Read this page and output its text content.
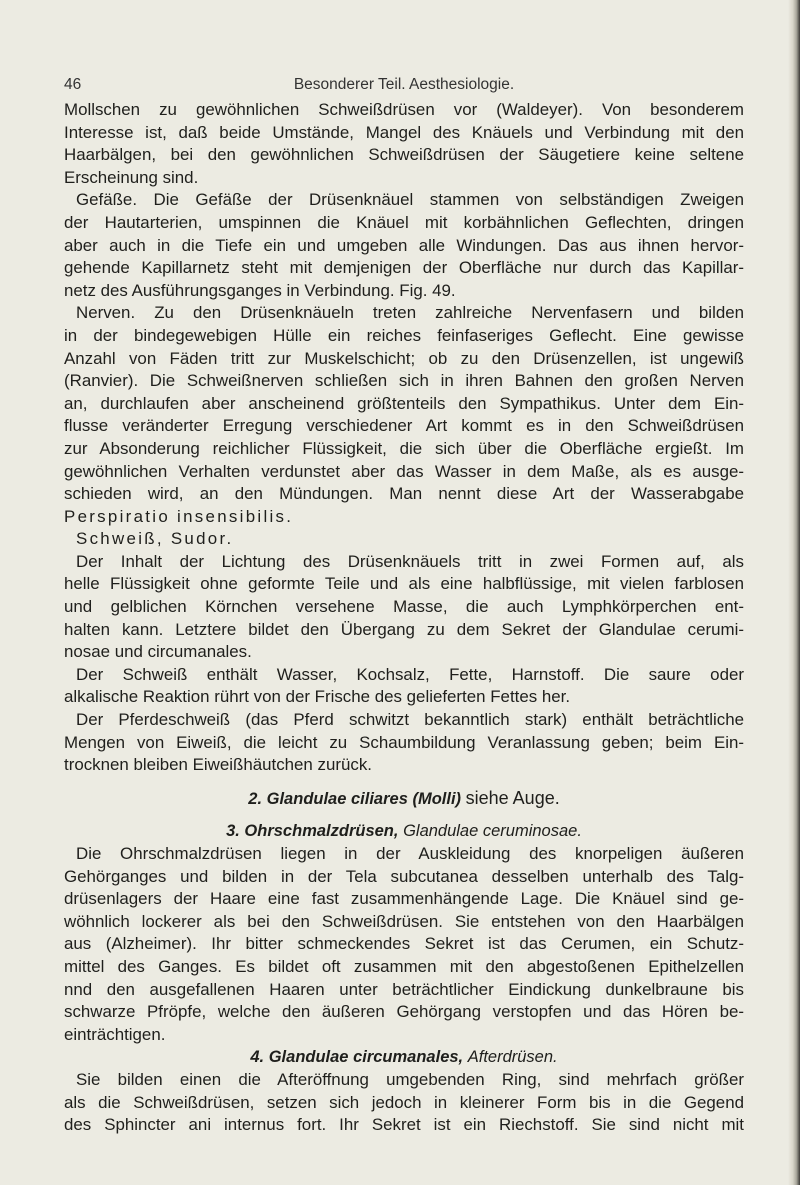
46	Besonderer Teil. Aesthesiologie.
Mollschen zu gewöhnlichen Schweißdrüsen vor (Waldeyer). Von besonderem
Interesse ist, daß beide Umstände, Mangel des Knäuels und Verbindung mit den
Haarbälgen, bei den gewöhnlichen Schweißdrüsen der Säugetiere keine seltene
Erscheinung sind.
Gefäße. Die Gefäße der Drüsenknäuel stammen von selbständigen Zweigen
der Hautarterien, umspinnen die Knäuel mit korbähnlichen Geflechten, dringen
aber auch in die Tiefe ein und umgeben alle Windungen. Das aus ihnen hervor-
gehende Kapillarnetz steht mit demjenigen der Oberfläche nur durch das Kapillar-
netz des Ausführungsganges in Verbindung. Fig. 49.
Nerven. Zu den Drüsenknäueln treten zahlreiche Nervenfasern und bilden
in der bindegewebigen Hülle ein reiches feinfaseriges Geflecht. Eine gewisse
Anzahl von Fäden tritt zur Muskelschicht; ob zu den Drüsenzellen, ist ungewiß
(Ranvier). Die Schweißnerven schließen sich in ihren Bahnen den großen Nerven
an, durchlaufen aber anscheinend größtenteils den Sympathikus. Unter dem Ein-
flusse veränderter Erregung verschiedener Art kommt es in den Schweißdrüsen
zur Absonderung reichlicher Flüssigkeit, die sich über die Oberfläche ergießt. Im
gewöhnlichen Verhalten verdunstet aber das Wasser in dem Maße, als es ausge-
schieden wird, an den Mündungen. Man nennt diese Art der Wasserabgabe
Perspiratio insensibilis.
Schweiß, Sudor.
Der Inhalt der Lichtung des Drüsenknäuels tritt in zwei Formen auf, als
helle Flüssigkeit ohne geformte Teile und als eine halbflüssige, mit vielen farblosen
und gelblichen Körnchen versehene Masse, die auch Lymphkörperchen ent-
halten kann. Letztere bildet den Übergang zu dem Sekret der Glandulae cerumi-
nosae und circumanales.
Der Schweiß enthält Wasser, Kochsalz, Fette, Harnstoff. Die saure oder
alkalische Reaktion rührt von der Frische des gelieferten Fettes her.
Der Pferdeschweiß (das Pferd schwitzt bekanntlich stark) enthält beträchtliche
Mengen von Eiweiß, die leicht zu Schaumbildung Veranlassung geben; beim Ein-
trocknen bleiben Eiweißhäutchen zurück.
2. Glandulae ciliares (Molli) siehe Auge.
3. Ohrschmalzdrüsen, Glandulae ceruminosae.
Die Ohrschmalzdrüsen liegen in der Auskleidung des knorpeligen äußeren
Gehörganges und bilden in der Tela subcutanea desselben unterhalb des Talg-
drüsenlagers der Haare eine fast zusammenhängende Lage. Die Knäuel sind ge-
wöhnlich lockerer als bei den Schweißdrüsen. Sie entstehen von den Haarbälgen
aus (Alzheimer). Ihr bitter schmeckendes Sekret ist das Cerumen, ein Schutz-
mittel des Ganges. Es bildet oft zusammen mit den abgestoßenen Epithelzellen
nnd den ausgefallenen Haaren unter beträchtlicher Eindickung dunkelbraune bis
schwarze Pfröpfe, welche den äußeren Gehörgang verstopfen und das Hören be-
einträchtigen.
4. Glandulae circumanales, Afterdrüsen.
Sie bilden einen die Afteröffnung umgebenden Ring, sind mehrfach größer
als die Schweißdrüsen, setzen sich jedoch in kleinerer Form bis in die Gegend
des Sphincter ani internus fort. Ihr Sekret ist ein Riechstoff. Sie sind nicht mit
